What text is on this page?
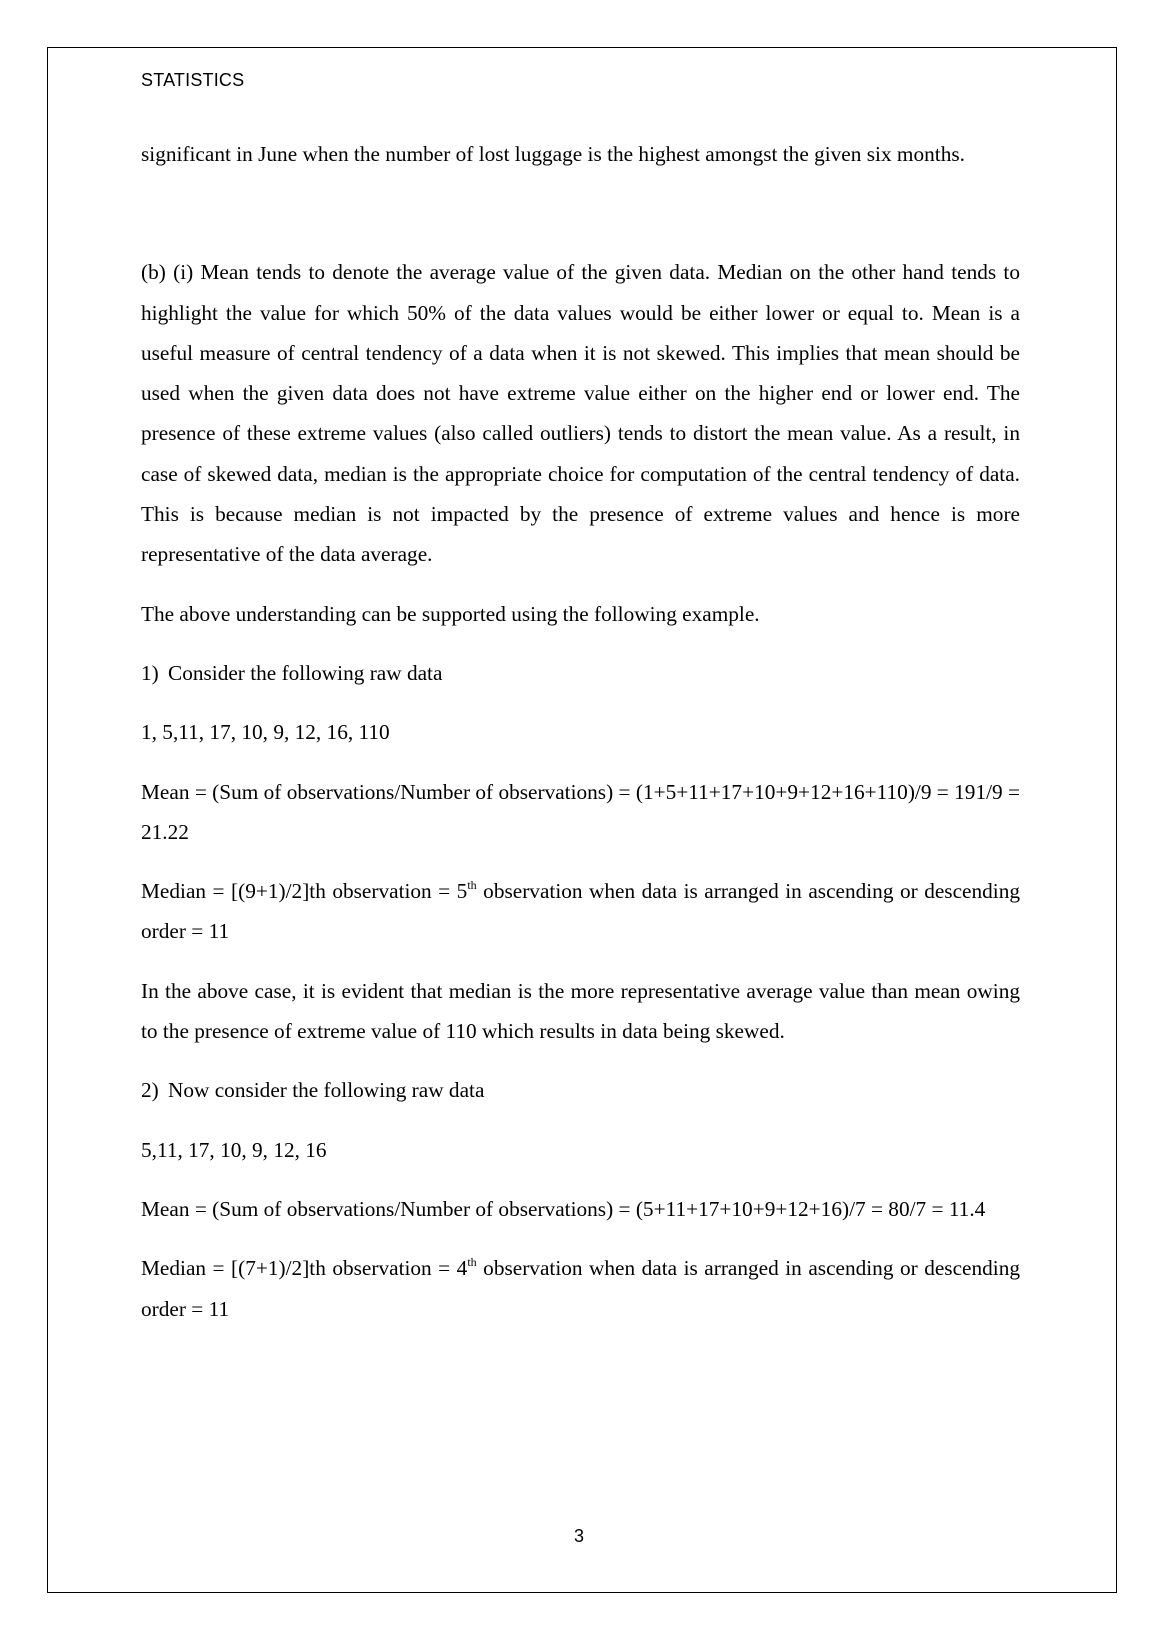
STATISTICS

significant in June when the number of lost luggage is the highest amongst the given six months.

(b) (i) Mean tends to denote the average value of the given data. Median on the other hand tends to highlight the value for which 50% of the data values would be either lower or equal to. Mean is a useful measure of central tendency of a data when it is not skewed. This implies that mean should be used when the given data does not have extreme value either on the higher end or lower end. The presence of these extreme values (also called outliers) tends to distort the mean value. As a result, in case of skewed data, median is the appropriate choice for computation of the central tendency of data. This is because median is not impacted by the presence of extreme values and hence is more representative of the data average.

The above understanding can be supported using the following example.

1) Consider the following raw data

1, 5,11, 17, 10, 9, 12, 16, 110

Mean = (Sum of observations/Number of observations) = (1+5+11+17+10+9+12+16+110)/9 = 191/9 = 21.22

Median = [(9+1)/2]th observation = 5th observation when data is arranged in ascending or descending order = 11

In the above case, it is evident that median is the more representative average value than mean owing to the presence of extreme value of 110 which results in data being skewed.

2) Now consider the following raw data

5,11, 17, 10, 9, 12, 16

Mean = (Sum of observations/Number of observations) = (5+11+17+10+9+12+16)/7 = 80/7 = 11.4

Median = [(7+1)/2]th observation = 4th observation when data is arranged in ascending or descending order = 11

3
